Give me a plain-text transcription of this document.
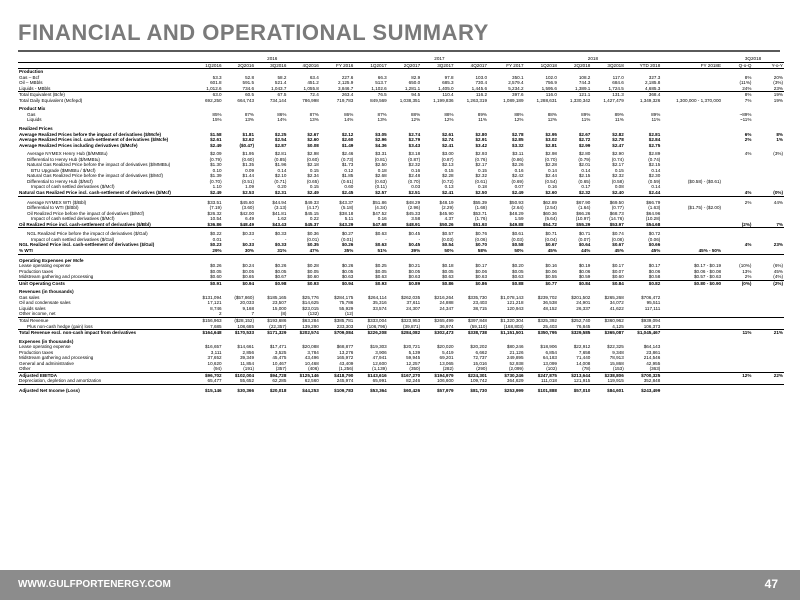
FINANCIAL AND OPERATIONAL SUMMARY
	2016					2017					2018					3Q2018	
	1Q2016	2Q2016	3Q2016	4Q2016	FY 2016	1Q2017	2Q2017	3Q2017	4Q2017	FY 2017	1Q2018	2Q2018	3Q2018	YTD 2018	FY 2018E	Q-o-Q	Y-o-Y
Production																	
Gas – Bcf	53.3	52.8	58.2	63.4	227.6	66.3	82.9	97.8	103.0	350.1	102.0	108.2	117.0	327.3		8%	20%
Oil – MBbls	601.8	591.5	521.4	451.2	2,125.9	513.7	650.0	685.3	730.4	2,579.4	756.9	744.3	684.6	2,185.8		(11%)	(3%)
Liquids - MBbls	1,012.6	734.6	1,043.7	1,055.8	3,846.7	1,102.6	1,281.1	1,405.0	1,445.6	5,234.2	1,595.6	1,389.1	1,724.5	4,685.3		24%	23%
Total Equivalent (Bcfe)	63.0	60.5	67.5	72.4	263.4	76.5	94.5	110.4	116.2	397.6	116.0	121.1	131.3	368.4		8%	19%
Total Daily Equivalent (Mcfepd)	692,250	664,743	734,144	786,998	719,783	849,569	1,038,351	1,199,836	1,263,319	1,089,189	1,288,631	1,330,342	1,427,479	1,349,326	1,300,000 - 1,370,000	7%	19%

Product Mix																	
Gas	85%	87%	86%	87%	86%	87%	88%	88%	89%	88%	88%	89%	89%	89%		~89%	
Liquids	15%	13%	14%	13%	14%	13%	12%	12%	11%	12%	12%	11%	11%	11%		~11%	

Realized Prices																	
Average Realized Prices before the impact of derivatives ($/Mcfe)	$1.58	$1.81	$2.25	$2.67	$2.12	$3.05	$2.74	$2.61	$2.80	$2.78	$2.95	$2.67	$2.82	$2.81		6%	8%
Average Realized Prices incl. cash-settlement of derivatives ($/Mcfe)	$2.61	$2.62	$2.54	$2.60	$2.60	$2.96	$2.79	$2.74	$2.91	$2.85	$3.02	$2.72	$2.78	$2.84		2%	1%
Average Realized Prices including derivatives ($/Mcfe)	$2.49	($0.47)	$2.87	$0.08	$1.49	$4.36	$3.43	$2.41	$3.42	$3.32	$2.81	$2.99	$2.47	$2.75			

Average NYMEX Henry Hub ($/MMBtu)	$2.09	$1.95	$2.81	$2.98	$2.46	$3.31	$3.18	$3.00	$2.93	$3.11	$2.98	$2.80	$2.90	$2.89		4%	(3%)
Differential to Henry Hub ($/MMBtu)	(0.79)	(0.60)	(0.85)	(0.60)	(0.73)	(0.81)	(0.87)	(0.87)	(0.76)	(0.86)	(0.70)	(0.79)	(0.74)	(0.74)			
Natural Gas Realized Price before the impact of derivatives ($/MMBtu)	$1.30	$1.35	$1.96	$2.18	$1.73	$2.50	$2.32	$2.13	$2.17	$2.26	$2.28	$2.01	$2.17	$2.15			
BTU Upgrade ($MMBtu / $/Mcf)	0.10	0.09	0.14	0.15	0.12	0.18	0.16	0.15	0.15	0.16	0.14	0.14	0.15	0.14			
Natural Gas Realized Price before the impact of derivatives ($/Mcf)	$1.39	$1.44	$2.10	$2.34	$1.85	$2.68	$2.48	$2.28	$2.32	$2.42	$2.44	$2.15	$2.32	$2.30			
Differential to Henry Hub ($/Mcf)	(0.70)	(0.51)	(0.71)	(0.65)	(0.61)	(0.63)	(0.70)	(0.72)	(0.61)	(0.69)	(0.54)	(0.65)	(0.58)	(0.59)	($0.58) - ($0.61)		
Impact of cash settled derivatives ($/Mcf)	1.10	1.09	0.20	0.15	0.60	(0.11)	0.03	0.13	0.18	0.07	0.16	0.17	0.08	0.14			
Natural Gas Realized Price incl. cash-settlement of derivatives ($/Mcf)	$2.49	$2.53	$2.31	$2.49	$2.45	$2.57	$2.51	$2.41	$2.50	$2.49	$2.60	$2.32	$2.40	$2.44		4%	(0%)

Average NYMEX WTI ($/Bbl)	$33.51	$45.60	$44.94	$49.33	$43.37	$51.86	$48.29	$48.19	$55.39	$50.93	$62.89	$67.90	$69.50	$66.79		2%	44%
Differential to WTI ($/Bbl)	(7.19)	(3.60)	(3.13)	(4.17)	(5.18)	(4.34)	(2.96)	(2.29)	(1.68)	(2.64)	(2.54)	(1.64)	(0.77)	(1.63)	($1.75) - ($2.00)		
Oil Realized Price before the impact of derivatives ($/Mcf)	$26.32	$42.00	$41.81	$45.15	$38.18	$47.52	$45.33	$45.90	$53.71	$48.29	$60.36	$66.26	$68.73	$64.96			
Impact of cash settled derivatives ($/Mcf)	10.54	6.49	1.62	0.22	5.11	0.16	3.58	4.37	(1.76)	1.59	(5.64)	(10.97)	(14.76)	(10.28)			
Oil Realized Price incl. cash-settlement of derivatives ($/Bbl)	$36.86	$48.49	$43.43	$45.37	$43.29	$47.68	$48.91	$50.26	$51.93	$49.88	$54.72	$55.29	$53.97	$54.68		(2%)	7%

NGL Realized Price before the impact of derivatives ($/Gal)	$0.22	$0.33	$0.33	$0.36	$0.27	$0.63	$0.45	$0.57	$0.76	$0.61	$0.71	$0.71	$0.74	$0.72			
Impact of cash settled derivatives ($/Gal)	0.01	-	-	(0.01)	(0.01)	-	-	(0.03)	(0.06)	(0.03)	(0.04)	(0.07)	(0.08)	(0.06)			
NGL Realized Price incl. cash-settlement of derivatives ($/Gal)	$0.23	$0.33	$0.33	$0.35	$0.26	$0.63	$0.45	$0.54	$0.70	$0.58	$0.67	$0.64	$0.67	$0.66		4%	23%
% WTI	29%	30%	31%	47%	35%	51%	39%	50%	58%	50%	45%	44%	45%	45%	45% - 50%		

Operating Expenses per Mcfe																	
Lease operating expense	$0.26	$0.24	$0.26	$0.28	$0.26	$0.25	$0.21	$0.18	$0.17	$0.20	$0.16	$0.19	$0.17	$0.17	$0.17 - $0.19	(10%)	(6%)
Production taxes	$0.05	$0.05	$0.05	$0.05	$0.05	$0.05	$0.05	$0.05	$0.06	$0.05	$0.06	$0.06	$0.07	$0.06	$0.06 - $0.08	13%	45%
Midstream gathering and processing	$0.60	$0.65	$0.67	$0.60	$0.63	$0.63	$0.63	$0.63	$0.63	$0.63	$0.55	$0.59	$0.60	$0.58	$0.57 - $0.63	2%	(4%)
Unit Operating Costs	$0.91	$0.94	$0.98	$0.93	$0.94	$0.93	$0.89	$0.86	$0.86	$0.88	$0.77	$0.84	$0.84	$0.82	$0.80 - $0.90	(0%)	(2%)

Revenues (in thousands)																	
Gas sales	$131,094	($57,860)	$185,165	$25,776	$284,175	$264,114	$262,035	$216,264	$335,730	$1,078,143	$239,702	$201,502	$265,268	$706,472			
Oil and condensate sales	17,121	20,033	23,507	$14,625	75,786	35,316	37,611	24,888	23,403	121,218	36,538	24,901	34,072	95,511			
Liquids sales	8,746	9,168	15,000	$23,015	55,929	33,574	24,307	24,347	38,715	120,943	48,152	26,337	41,622	117,111			
Other income, net	2	7	(8)	(132)	(12)												
Total Revenue	$156,963	($28,152)	$193,686	$63,284	$385,781	$333,004	$323,953	$265,499	$397,848	$1,320,304	$325,392	$252,740	$360,962	$939,094			
Plus non-cash hedge (gain) loss	7,685	108,685	(22,357)	139,290	233,303	(106,796)	(39,871)	36,974	(59,110)	(168,803)	25,403	76,845	4,125	106,373			
Total Revenue excl. non-cash impact from derivatives	$164,648	$170,533	$171,329	$202,574	$709,084	$226,208	$284,082	$302,473	$338,738	$1,151,501	$350,795	$329,585	$365,087	$1,045,467		11%	21%

Expenses (in thousands)																	
Lease operating expense	$16,657	$14,661	$17,471	$20,088	$68,877	$19,303	$20,721	$20,020	$20,202	$80,246	$18,906	$22,912	$22,325	$64,143			
Production taxes	3,111	2,856	3,525	3,784	13,276	3,906	5,139	5,419	6,662	21,126	6,854	7,658	9,348	23,861			
Midstream gathering and processing	37,652	39,349	45,475	43,496	165,972	47,941	59,945	69,201	72,737	249,895	64,183	71,440	78,913	214,546			
General and administrative	10,620	11,854	10,467	10,468	43,409	12,600	12,257	13,065	15,016	52,938	13,099	14,008	15,868	42,955			
Other	(94)	(191)	(357)	(406)	(1,256)	(1,139)	(350)	(282)	(290)	(2,099)	(102)	(78)	(153)	(363)			
Adjusted EBITDA	$96,702	$102,004	$94,728	$125,146	$418,790	$143,616	$167,270	$194,979	$224,301	$730,246	$247,875	$213,644	$238,806	$700,325		12%	22%
Depreciation, depletion and amortization	65,477	55,652	62,285	62,560	245,974	65,991	82,246	106,600	109,742	364,629	111,018	121,915	119,915	352,848			

Adjusted Net Income (Loss)	$15,146	$30,366	$20,018	$44,253	$109,783	$53,364	$60,426	$57,979	$81,730	$253,999	$101,888	$57,010	$84,601	$243,499			
WWW.GULFPORTENERGY.COM	47
